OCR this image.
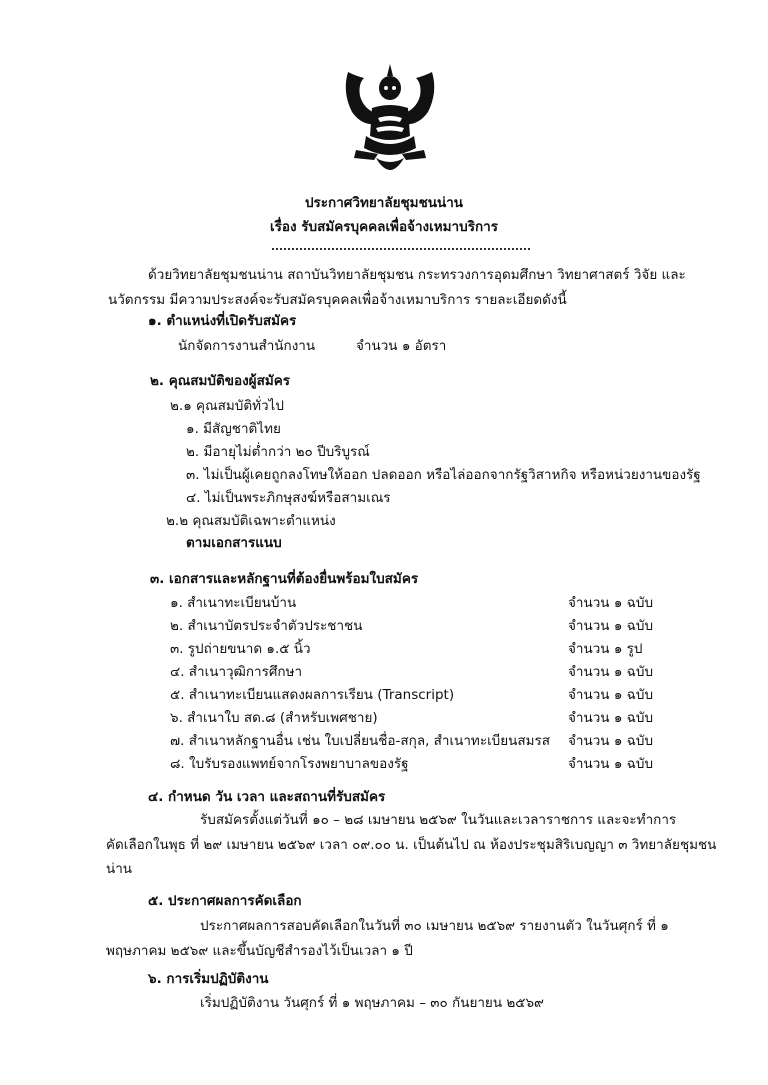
ประกาศวิทยาลัยชุมชนน่าน
เรื่อง รับสมัครบุคคลเพื่อจ้างเหมาบริการ
ด้วยวิทยาลัยชุมชนน่าน สถาบันวิทยาลัยชุมชน กระทรวงการอุดมศึกษา วิทยาศาสตร์ วิจัย และ
นวัตกรรม มีความประสงค์จะรับสมัครบุคคลเพื่อจ้างเหมาบริการ รายละเอียดดังนี้
๑. ตำแหน่งที่เปิดรับสมัคร
นักจัดการงานสำนักงาน	จำนวน ๑ อัตรา
๒. คุณสมบัติของผู้สมัคร
๒.๑ คุณสมบัติทั่วไป
๑. มีสัญชาติไทย
๒. มีอายุไม่ต่ำกว่า ๒๐ ปีบริบูรณ์
๓. ไม่เป็นผู้เคยถูกลงโทษให้ออก ปลดออก หรือไล่ออกจากรัฐวิสาหกิจ หรือหน่วยงานของรัฐ
๔. ไม่เป็นพระภิกษุสงฆ์หรือสามเณร
๒.๒ คุณสมบัติเฉพาะตำแหน่ง
ตามเอกสารแนบ
๓. เอกสารและหลักฐานที่ต้องยื่นพร้อมใบสมัคร
๑. สำเนาทะเบียนบ้าน	จำนวน ๑ ฉบับ
๒. สำเนาบัตรประจำตัวประชาชน	จำนวน ๑ ฉบับ
๓. รูปถ่ายขนาด ๑.๕ นิ้ว	จำนวน ๑ รูป
๔. สำเนาวุฒิการศึกษา	จำนวน ๑ ฉบับ
๕. สำเนาทะเบียนแสดงผลการเรียน (Transcript)	จำนวน ๑ ฉบับ
๖. สำเนาใบ สด.๘ (สำหรับเพศชาย)	จำนวน ๑ ฉบับ
๗. สำเนาหลักฐานอื่น เช่น ใบเปลี่ยนชื่อ-สกุล, สำเนาทะเบียนสมรส จำนวน ๑ ฉบับ
๘. ใบรับรองแพทย์จากโรงพยาบาลของรัฐ	จำนวน ๑ ฉบับ
๔. กำหนด วัน เวลา และสถานที่รับสมัคร
รับสมัครตั้งแต่วันที่ ๑๐ – ๒๘ เมษายน ๒๕๖๙ ในวันและเวลาราชการ และจะทำการ
คัดเลือกในพุธ ที่ ๒๙ เมษายน ๒๕๖๙ เวลา ๐๙.๐๐ น. เป็นต้นไป ณ ห้องประชุมสิริเบญญา ๓ วิทยาลัยชุมชน
น่าน
๕. ประกาศผลการคัดเลือก
ประกาศผลการสอบคัดเลือกในวันที่ ๓๐ เมษายน ๒๕๖๙ รายงานตัว ในวันศุกร์ ที่ ๑
พฤษภาคม ๒๕๖๙ และขึ้นบัญชีสำรองไว้เป็นเวลา ๑ ปี
๖. การเริ่มปฏิบัติงาน
เริ่มปฏิบัติงาน วันศุกร์ ที่ ๑ พฤษภาคม – ๓๐ กันยายน ๒๕๖๙
